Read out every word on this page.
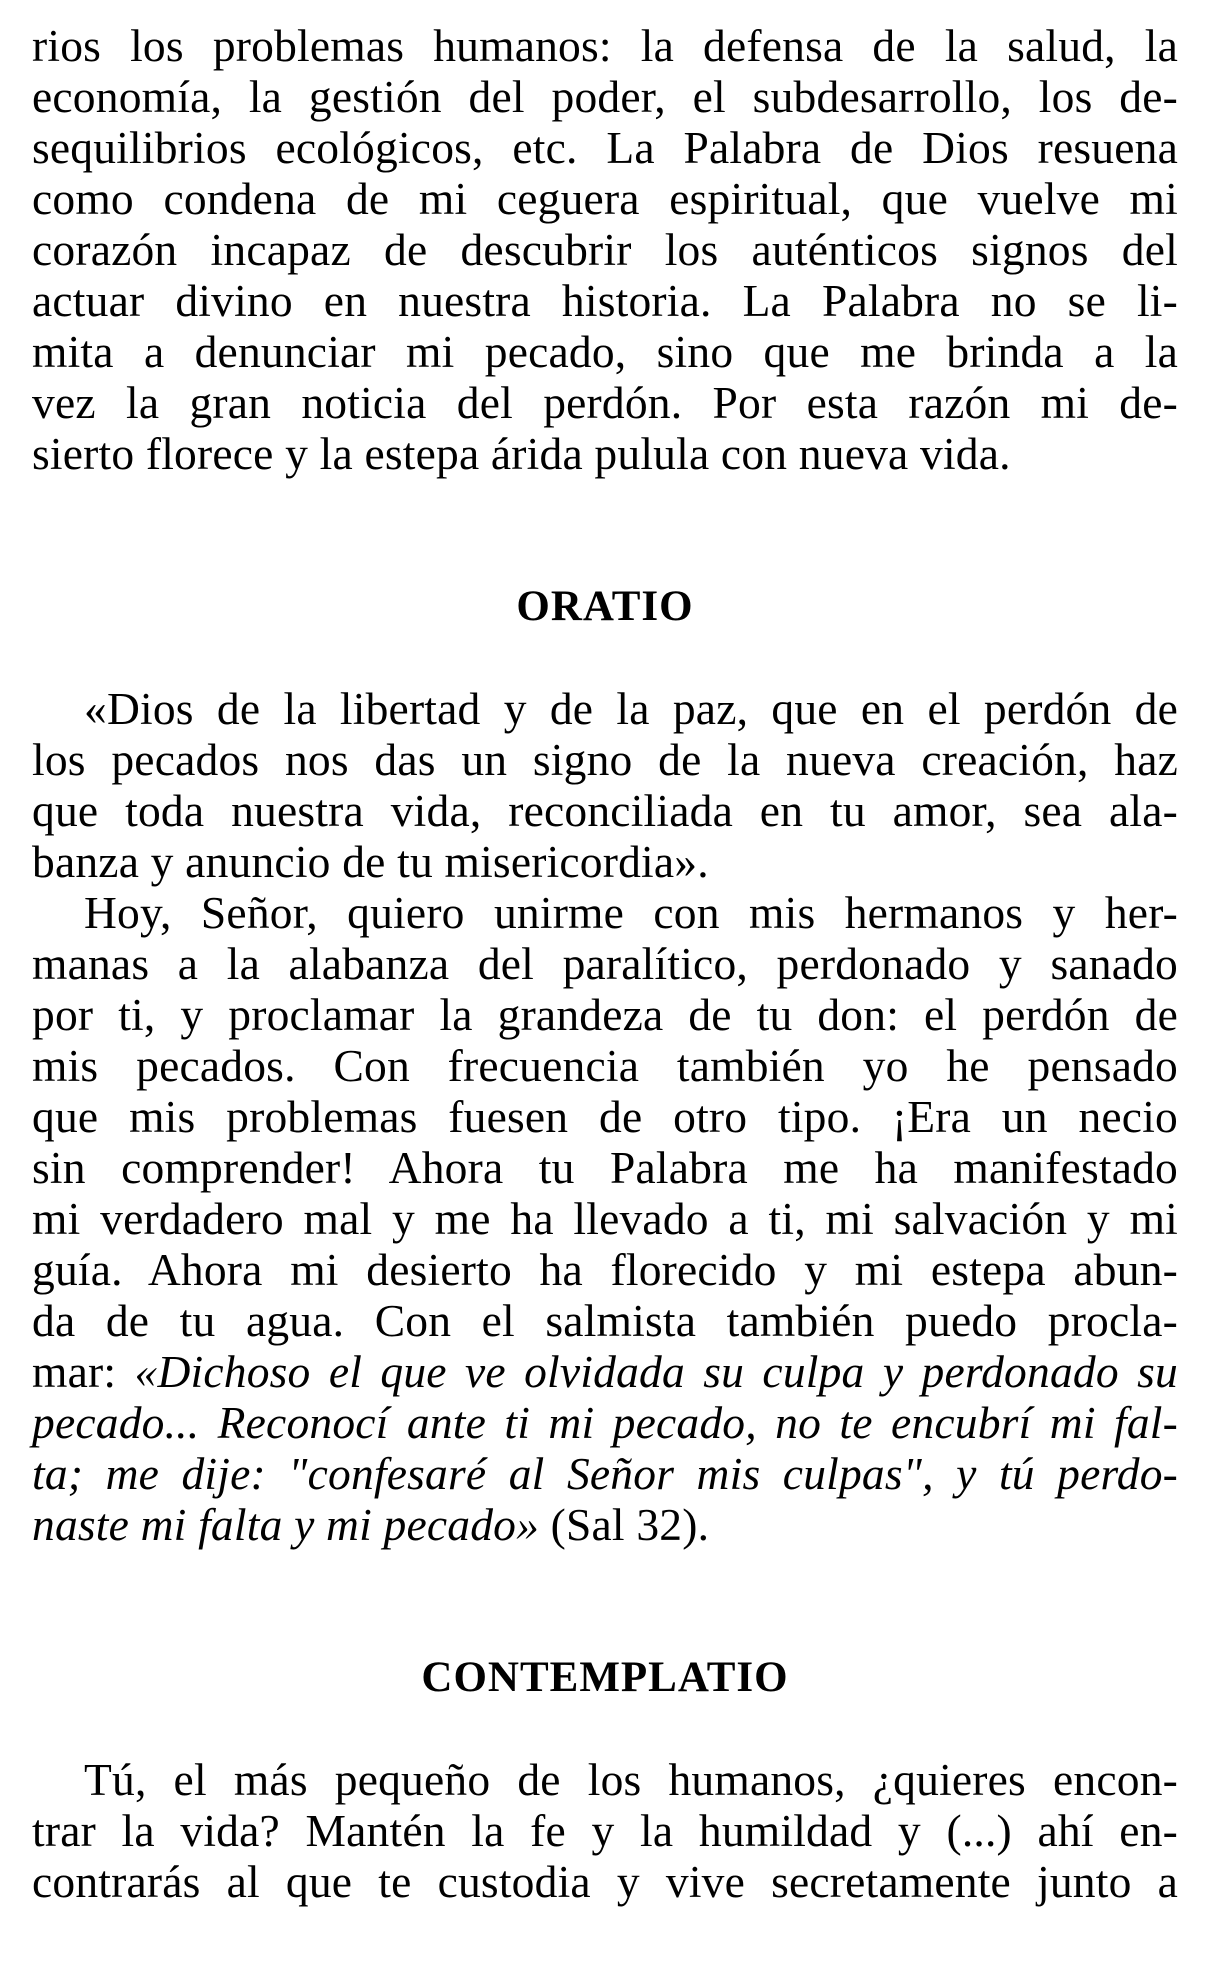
rios los problemas humanos: la defensa de la salud, la
economía, la gestión del poder, el subdesarrollo, los de-
sequilibrios ecológicos, etc. La Palabra de Dios resuena
como condena de mi ceguera espiritual, que vuelve mi
corazón incapaz de descubrir los auténticos signos del
actuar divino en nuestra historia. La Palabra no se li-
mita a denunciar mi pecado, sino que me brinda a la
vez la gran noticia del perdón. Por esta razón mi de-
sierto florece y la estepa árida pulula con nueva vida.
ORATIO
«Dios de la libertad y de la paz, que en el perdón de
los pecados nos das un signo de la nueva creación, haz
que toda nuestra vida, reconciliada en tu amor, sea ala-
banza y anuncio de tu misericordia».
Hoy, Señor, quiero unirme con mis hermanos y her-
manas a la alabanza del paralítico, perdonado y sanado
por ti, y proclamar la grandeza de tu don: el perdón de
mis pecados. Con frecuencia también yo he pensado
que mis problemas fuesen de otro tipo. ¡Era un necio
sin comprender! Ahora tu Palabra me ha manifestado
mi verdadero mal y me ha llevado a ti, mi salvación y mi
guía. Ahora mi desierto ha florecido y mi estepa abun-
da de tu agua. Con el salmista también puedo procla-
mar: «Dichoso el que ve olvidada su culpa y perdonado su
pecado... Reconocí ante ti mi pecado, no te encubrí mi fal-
ta; me dije: "confesaré al Señor mis culpas", y tú perdo-
naste mi falta y mi pecado» (Sal 32).
CONTEMPLATIO
Tú, el más pequeño de los humanos, ¿quieres encon-
trar la vida? Mantén la fe y la humildad y (...) ahí en-
contrarás al que te custodia y vive secretamente junto a
